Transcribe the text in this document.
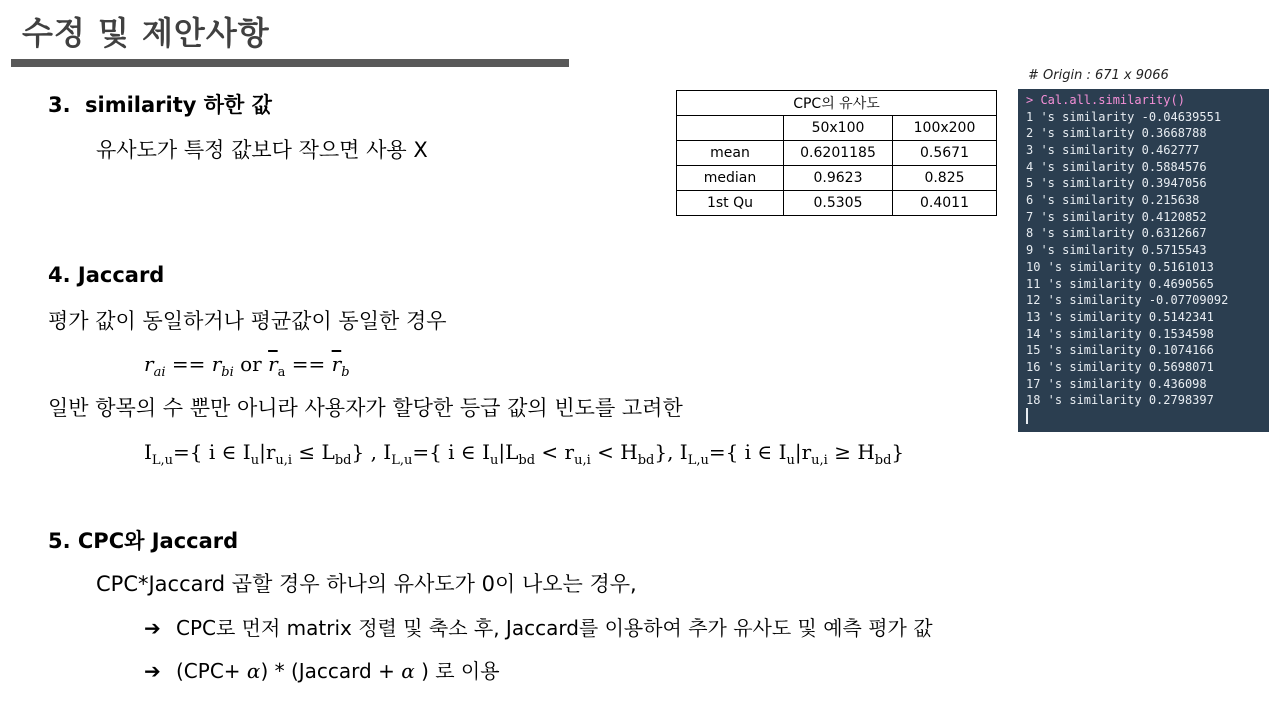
수정 및 제안사항
3. similarity 하한 값
유사도가 특정 값보다 작으면 사용 X
4. Jaccard
평가 값이 동일하거나 평균값이 동일한 경우
$r_{ai} == r_{bi}$ or $\overline{r}_a == \overline{r}_b$
일반 항목의 수 뿐만 아니라 사용자가 할당한 등급 값의 빈도를 고려한
$I_{L,u}=${ i ∈ $I_u|r_{u,i} \le L_{bd}$} , $I_{L,u}=${ i ∈ $I_u|L_{bd} < r_{u,i} < H_{bd}$}, $I_{L,u}=${ i ∈ $I_u|r_{u,i} \ge H_{bd}$}
5. CPC와 Jaccard
CPC*Jaccard 곱할 경우 하나의 유사도가 0이 나오는 경우,
➔ CPC로 먼저 matrix 정렬 및 축소 후, Jaccard를 이용하여 추가 유사도 및 예측 평가 값
➔ (CPC+ α) * (Jaccard + α ) 로 이용
CPC의 유사도		
	50x100	100x200
mean	0.6201185	0.5671
median	0.9623	0.825
1st Qu	0.5305	0.4011
# Origin : 671 x 9066
> Cal.all.similarity()
1 's similarity -0.04639551
2 's similarity 0.3668788
3 's similarity 0.462777
4 's similarity 0.5884576
5 's similarity 0.3947056
6 's similarity 0.215638
7 's similarity 0.4120852
8 's similarity 0.6312667
9 's similarity 0.5715543
10 's similarity 0.5161013
11 's similarity 0.4690565
12 's similarity -0.07709092
13 's similarity 0.5142341
14 's similarity 0.1534598
15 's similarity 0.1074166
16 's similarity 0.5698071
17 's similarity 0.436098
18 's similarity 0.2798397
